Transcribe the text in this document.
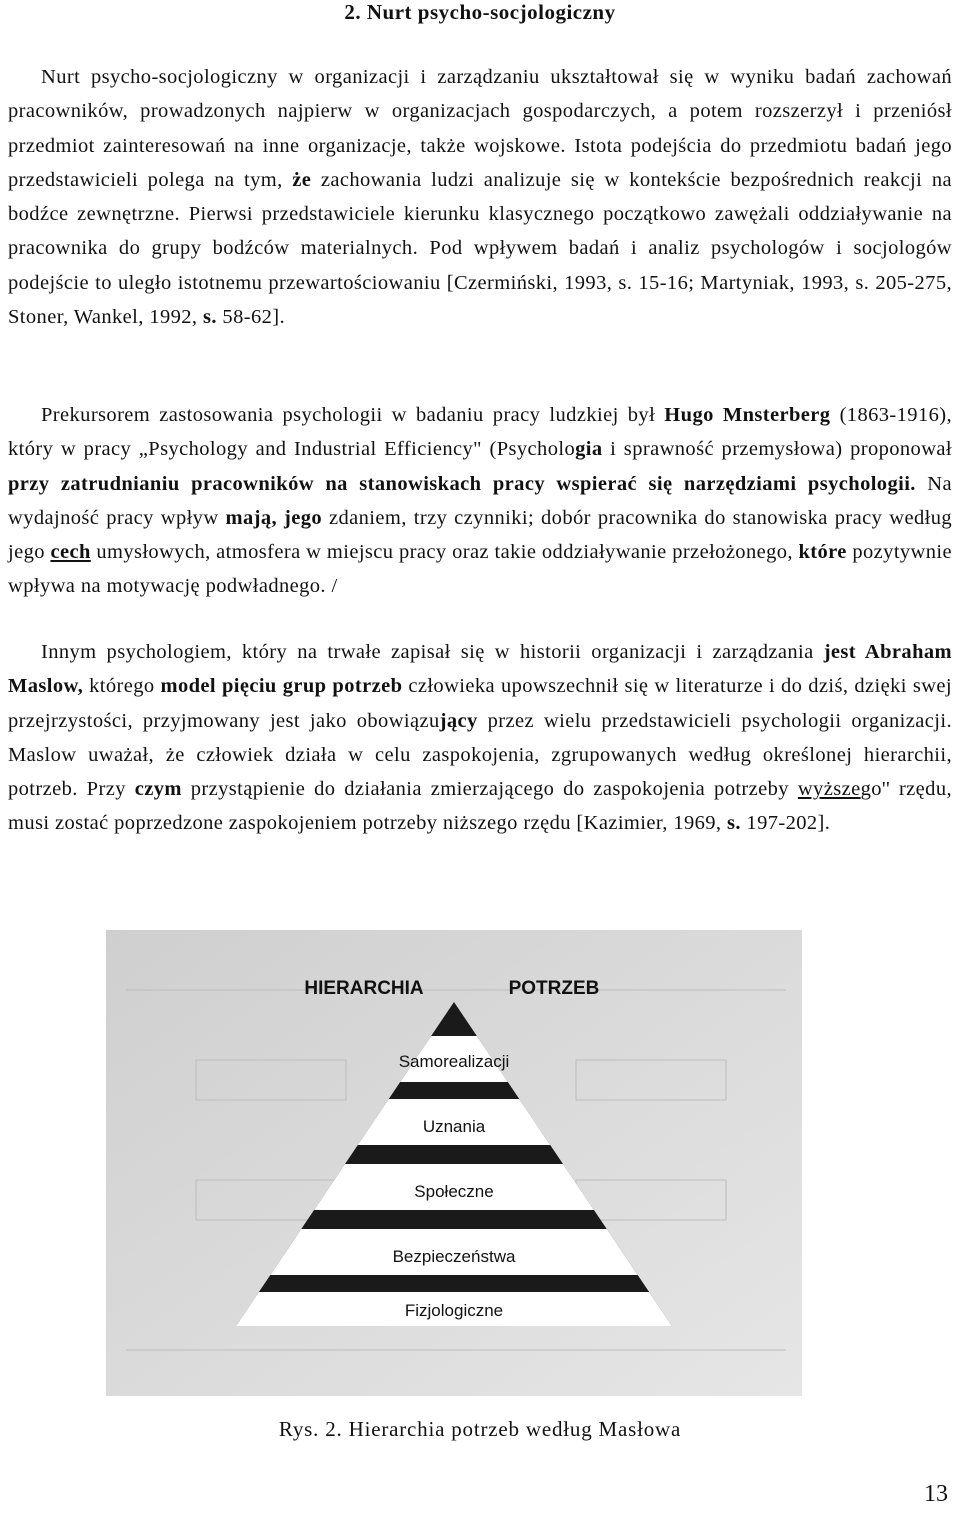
2. Nurt psycho-socjologiczny

Nurt psycho-socjologiczny w organizacji i zarządzaniu ukształtował się w wyniku badań zachowań pracowników, prowadzonych najpierw w organizacjach gospodarczych, a potem rozszerzył i przeniósł przedmiot zainteresowań na inne organizacje, także wojskowe. Istota podejścia do przedmiotu badań jego przedstawicieli polega na tym, że zachowania ludzi analizuje się w kontekście bezpośrednich reakcji na bodźce zewnętrzne. Pierwsi przedstawiciele kierunku klasycznego początkowo zawężali oddziaływanie na pracownika do grupy bodźców materialnych. Pod wpływem badań i analiz psychologów i socjologów podejście to uległo istotnemu przewartościowaniu [Czermiński, 1993, s. 15-16; Martyniak, 1993, s. 205-275, Stoner, Wankel, 1992, s. 58-62].

Prekursorem zastosowania psychologii w badaniu pracy ludzkiej był Hugo Mnsterberg (1863-1916), który w pracy „Psychology and Industrial Efficiency" (Psychologia i sprawność przemysłowa) proponował przy zatrudnianiu pracowników na stanowiskach pracy wspierać się narzędziami psychologii. Na wydajność pracy wpływ mają, jego zdaniem, trzy czynniki; dobór pracownika do stanowiska pracy według jego cech umysłowych, atmosfera w miejscu pracy oraz takie oddziaływanie przełożonego, które pozytywnie wpływa na motywację podwładnego. /

Innym psychologiem, który na trwałe zapisał się w historii organizacji i zarządzania jest Abraham Maslow, którego model pięciu grup potrzeb człowieka upowszechnił się w literaturze i do dziś, dzięki swej przejrzystości, przyjmowany jest jako obowiązujący przez wielu przedstawicieli psychologii organizacji. Maslow uważał, że człowiek działa w celu zaspokojenia, zgrupowanych według określonej hierarchii, potrzeb. Przy czym przystąpienie do działania zmierzającego do zaspokojenia potrzeby wyższego'' rzędu, musi zostać poprzedzone zaspokojeniem potrzeby niższego rzędu [Kazimier, 1969, s. 197-202].

HIERARCHIA	POTRZEB
Samorealizacji
Uznania
Społeczne
Bezpieczeństwa
Fizjologiczne
Rys. 2. Hierarchia potrzeb według Masłowa
13
